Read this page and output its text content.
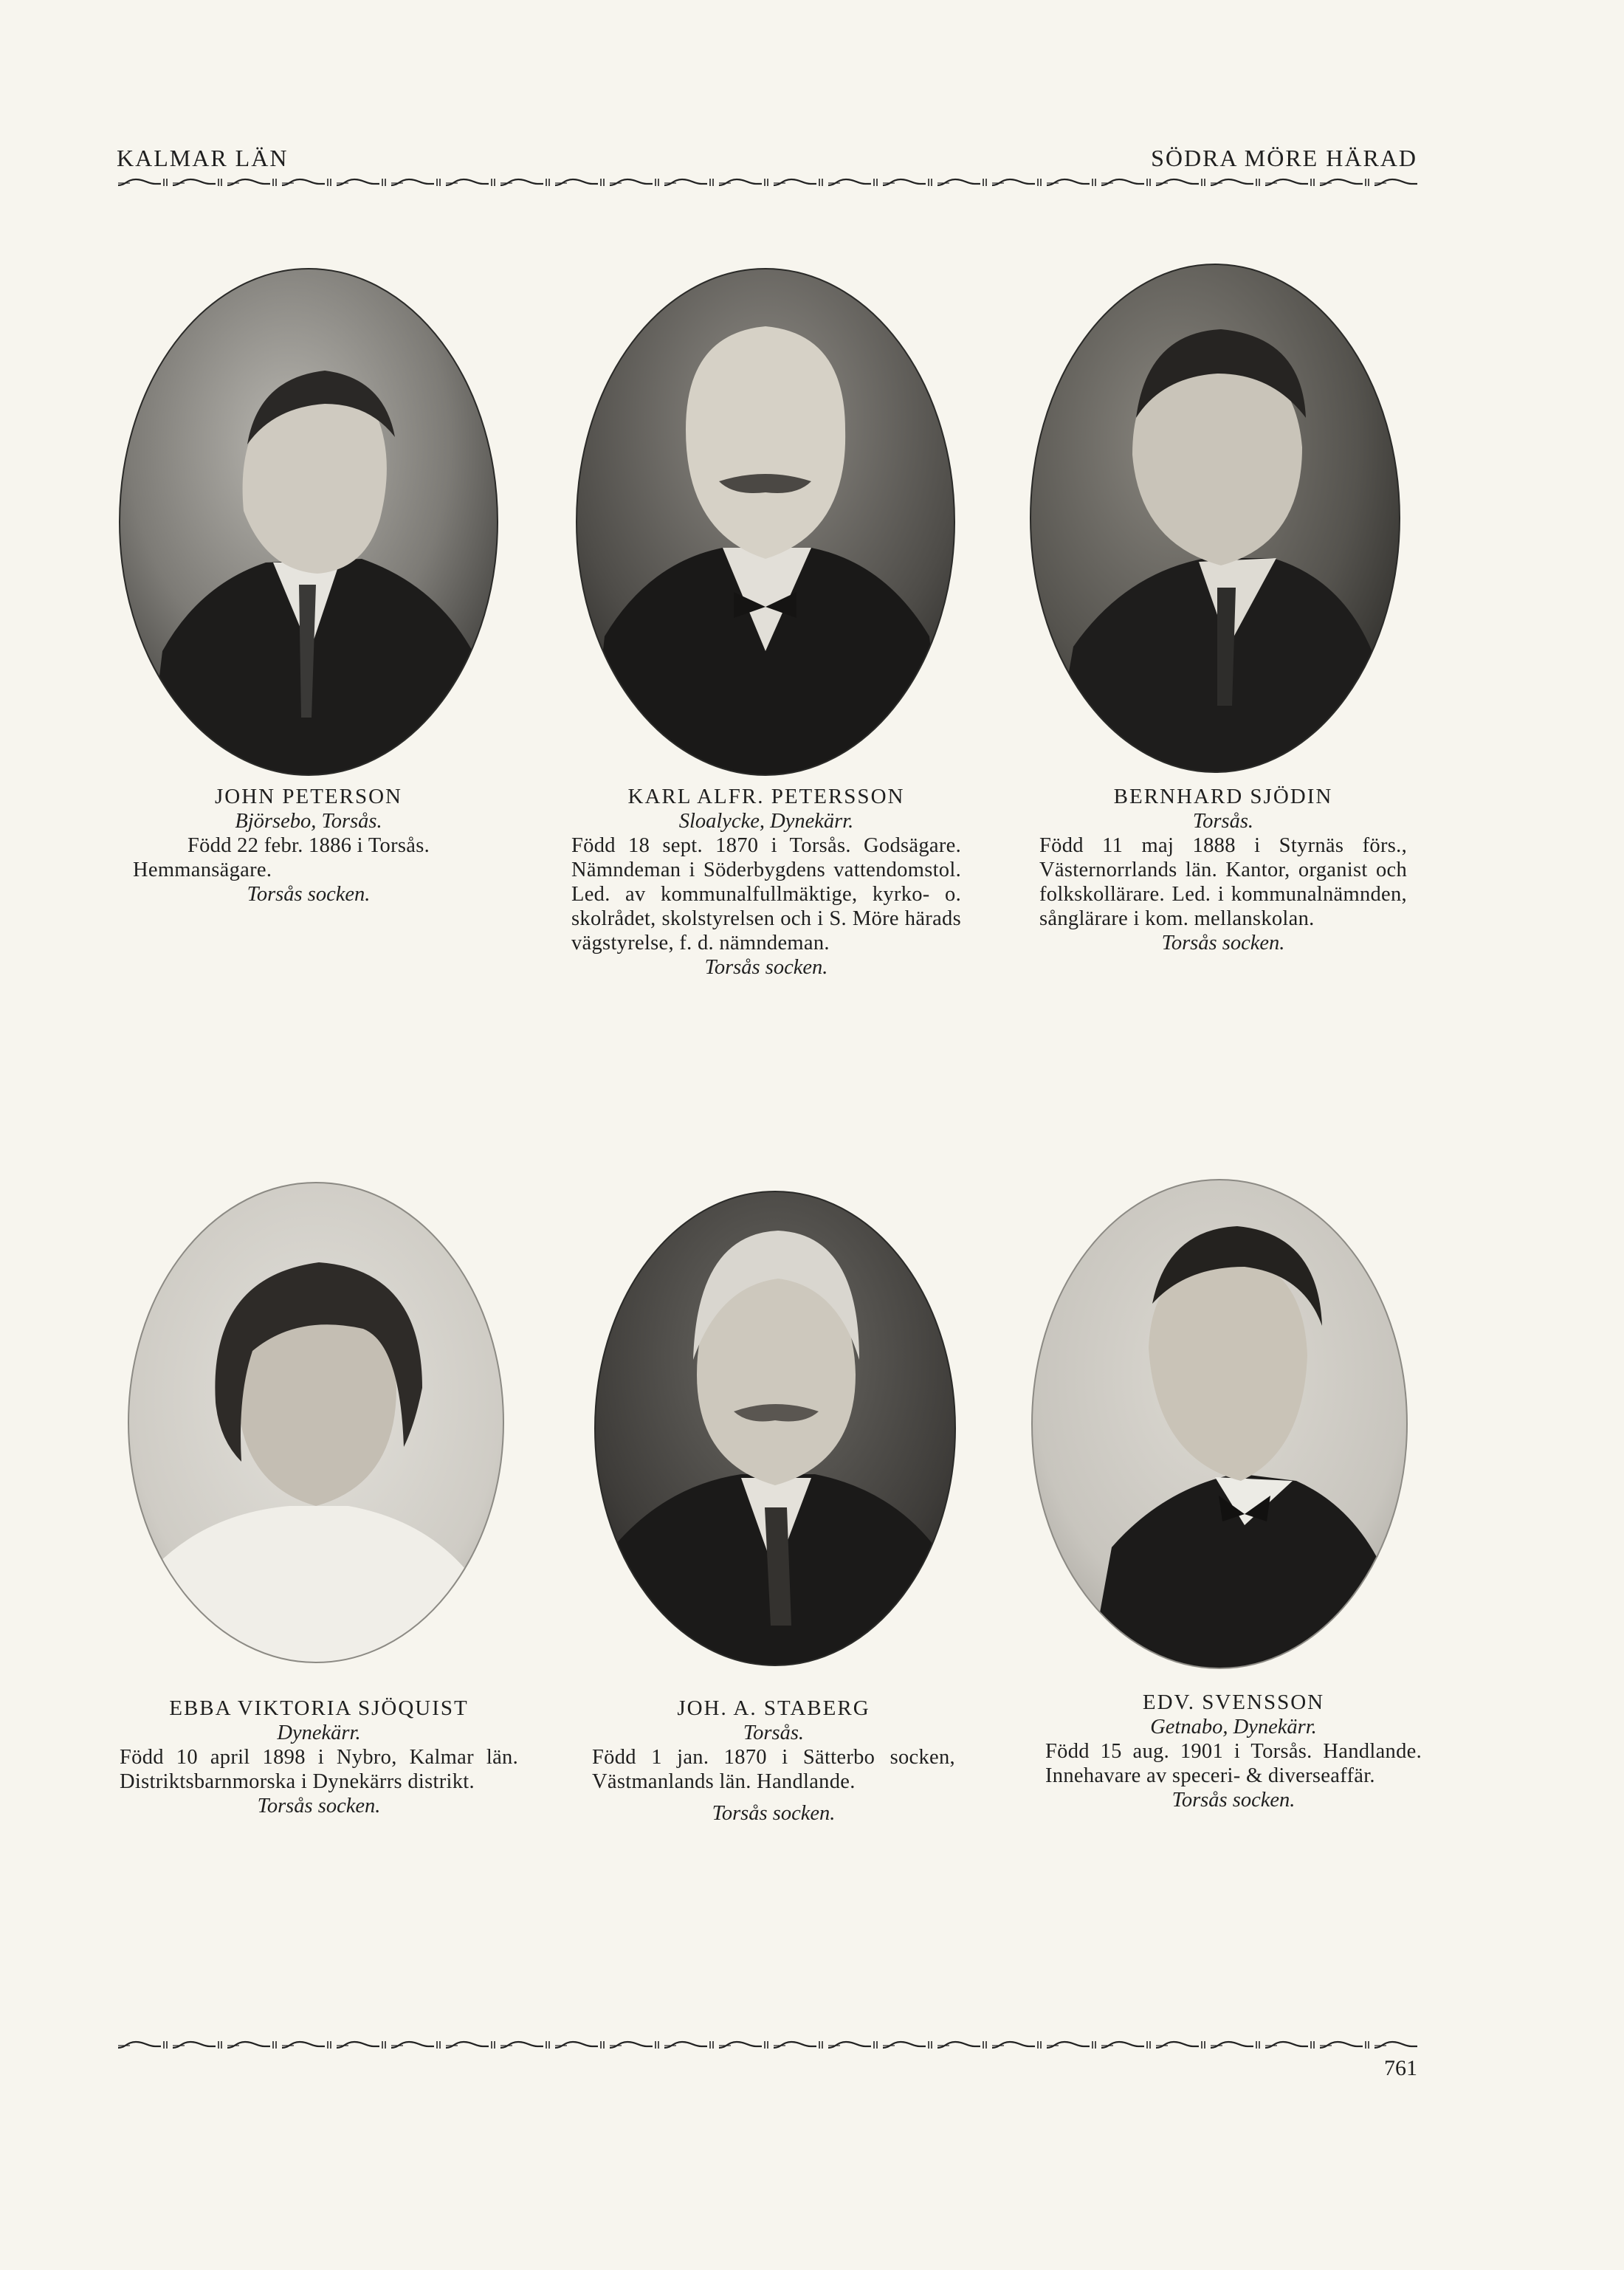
KALMAR LÄN	SÖDRA MÖRE HÄRAD
JOHN PETERSON
Björsebo, Torsås.
Född 22 febr. 1886 i Torsås. Hemmansägare.
Torsås socken.
KARL ALFR. PETERSSON
Sloalycke, Dynekärr.
Född 18 sept. 1870 i Torsås. Godsägare. Nämndeman i Söderbygdens vattendomstol. Led. av kommunalfullmäktige, kyrko- o. skolrådet, skolstyrelsen och i S. Möre härads vägstyrelse, f. d. nämndeman.
Torsås socken.
BERNHARD SJÖDIN
Torsås.
Född 11 maj 1888 i Styrnäs förs., Västernorrlands län. Kantor, organist och folkskollärare. Led. i kommunalnämnden, sånglärare i kom. mellanskolan.
Torsås socken.
EBBA VIKTORIA SJÖQUIST
Dynekärr.
Född 10 april 1898 i Nybro, Kalmar län. Distriktsbarnmorska i Dynekärrs distrikt.
Torsås socken.
JOH. A. STABERG
Torsås.
Född 1 jan. 1870 i Sätterbo socken, Västmanlands län. Handlande.
Torsås socken.
EDV. SVENSSON
Getnabo, Dynekärr.
Född 15 aug. 1901 i Torsås. Handlande. Innehavare av speceri- & diverseaffär.
Torsås socken.
761
